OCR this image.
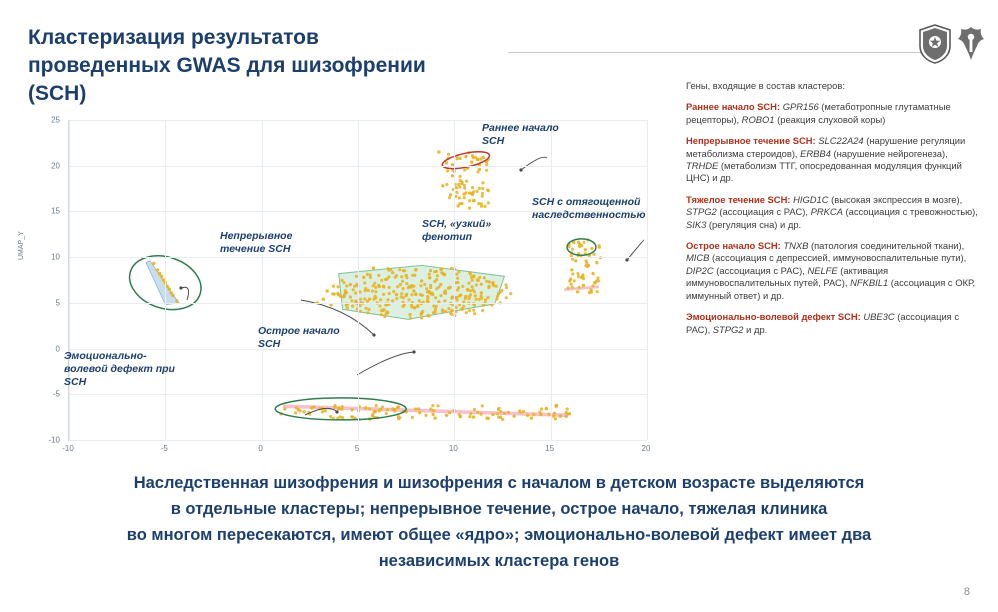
Кластеризация результатов
проведенных GWAS для шизофрении (SCH)
UMAP_Y
-10	-5	0	5	10	15	20
-10
-5
0
5
10
15
20
25
Раннее начало
SCH
SCH с отягощенной
наследственностью
Непрерывное
течение SCH
SCH, «узкий»
фенотип
Острое начало
SCH
Эмоционально-
волевой дефект при
SCH
Гены, входящие в состав кластеров:
Раннее начало SCH: GPR156 (метаботропные глутаматные рецепторы), ROBO1 (реакция слуховой коры)
Непрерывное течение SCH: SLC22A24 (нарушение регуляции метаболизма стероидов), ERBB4 (нарушение нейрогенеза), TRHDE (метаболизм ТТГ, опосредованная модуляция функций ЦНС) и др.
Тяжелое течение SCH: HIGD1C (высокая экспрессия в мозге), STPG2 (ассоциация с РАС), PRKCA (ассоциация с тревожностью), SIK3 (регуляция сна) и др.
Острое начало SCH: TNXB (патология соединительной ткани), MICB (ассоциация с депрессией, иммуновоспалительные пути), DIP2C (ассоциация с РАС), NELFE (активация иммуновоспалительных путей, РАС), NFKBIL1 (ассоциация с ОКР, иммунный ответ) и др.
Эмоционально-волевой дефект SCH: UBE3C (ассоциация с РАС), STPG2 и др.
Наследственная шизофрения и шизофрения с началом в детском возрасте выделяются
в отдельные кластеры; непрерывное течение, острое начало, тяжелая клиника
во многом пересекаются, имеют общее «ядро»; эмоционально-волевой дефект имеет два
независимых кластера генов
8
